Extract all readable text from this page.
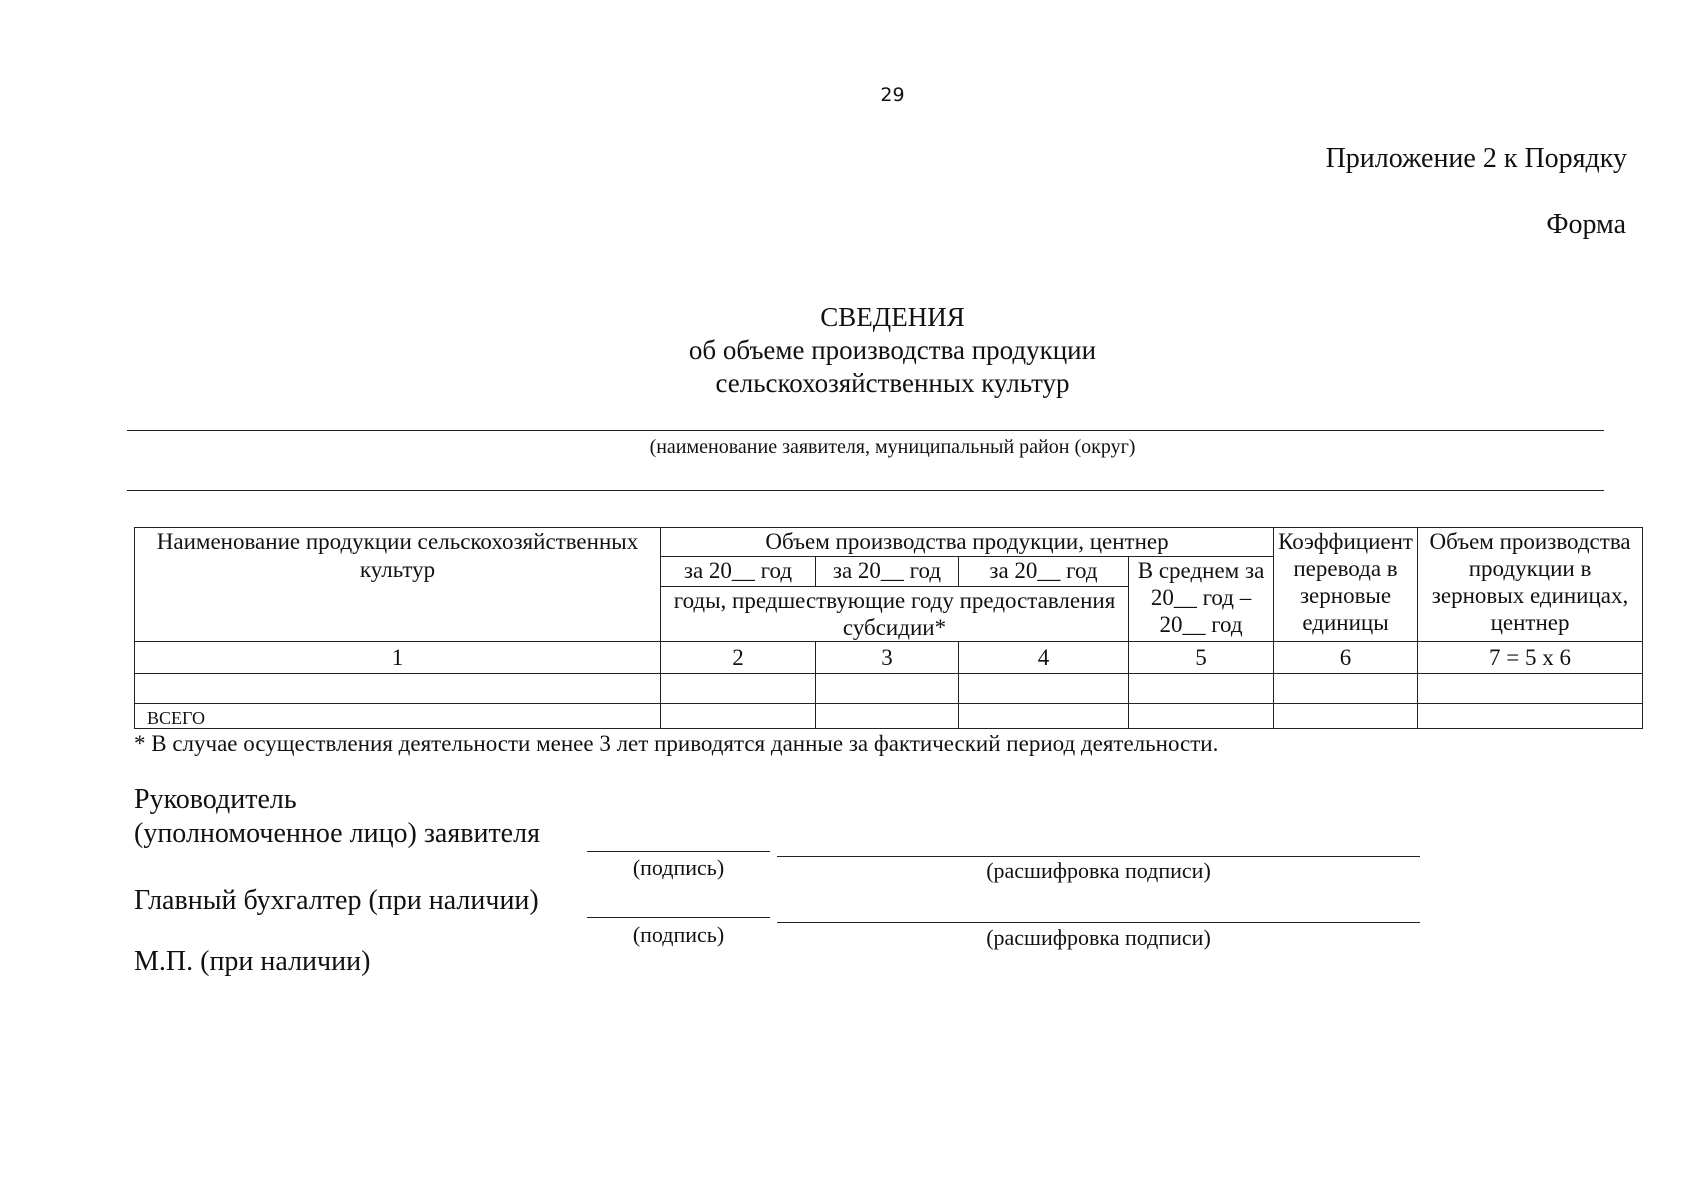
29
Приложение 2 к Порядку
Форма
СВЕДЕНИЯ
об объеме производства продукции
сельскохозяйственных культур
(наименование заявителя, муниципальный район (округ)
Наименование продукции сельскохозяйственных культур	Объем производства продукции, центнер				Коэффициент перевода в зерновые единицы	Объем производства продукции в зерновых единицах, центнер
	за 20__ год	за 20__ год	за 20__ год	В среднем за 20__ год – 20__ год		
	годы, предшествующие году предоставления субсидии*					
1	2	3	4	5	6	7 = 5 x 6

ВСЕГО						
* В случае осуществления деятельности менее 3 лет приводятся данные за фактический период деятельности.
Руководитель
(уполномоченное лицо) заявителя
(подпись)	(расшифровка подписи)
Главный бухгалтер (при наличии)
(подпись)	(расшифровка подписи)
М.П. (при наличии)
